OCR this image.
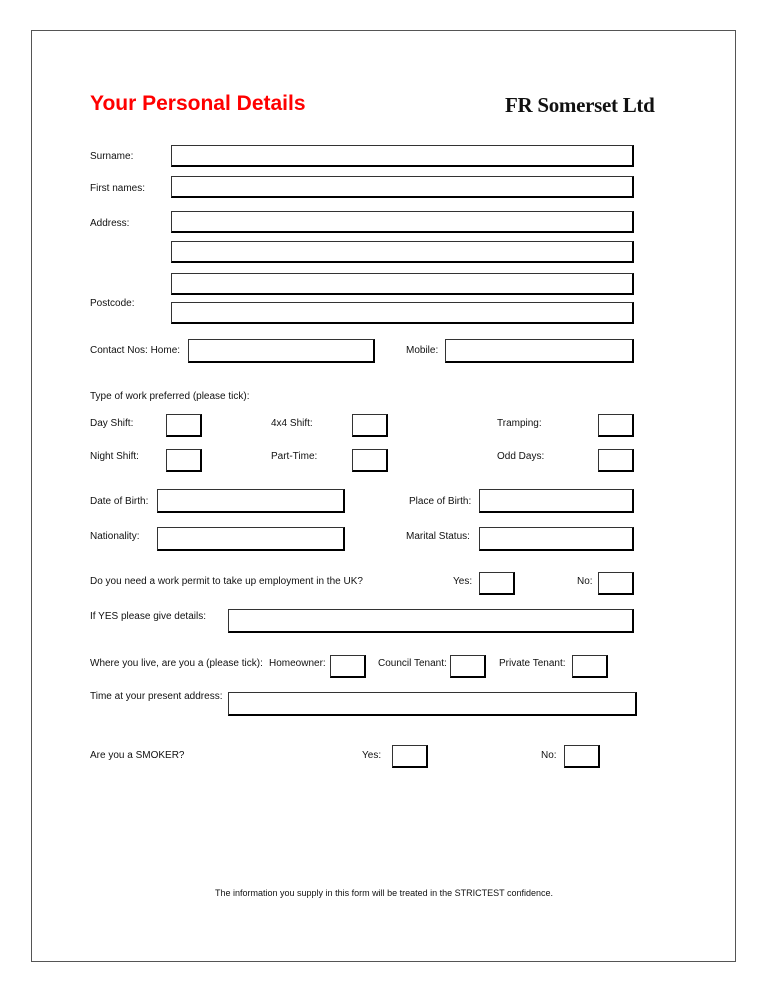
Your Personal Details	FR Somerset Ltd
Surname:
First names:
Address:
Postcode:
Contact Nos: Home:	Mobile:
Type of work preferred (please tick):
Day Shift:	4x4 Shift:	Tramping:
Night Shift:	Part-Time:	Odd Days:
Date of Birth:	Place of Birth:
Nationality:	Marital Status:
Do you need a work permit to take up employment in the UK?	Yes:	No:
If YES please give details:
Where you live, are you a (please tick): Homeowner:	Council Tenant:	Private Tenant:
Time at your present address:
Are you a SMOKER?	Yes:	No:
The information you supply in this form will be treated in the STRICTEST confidence.
